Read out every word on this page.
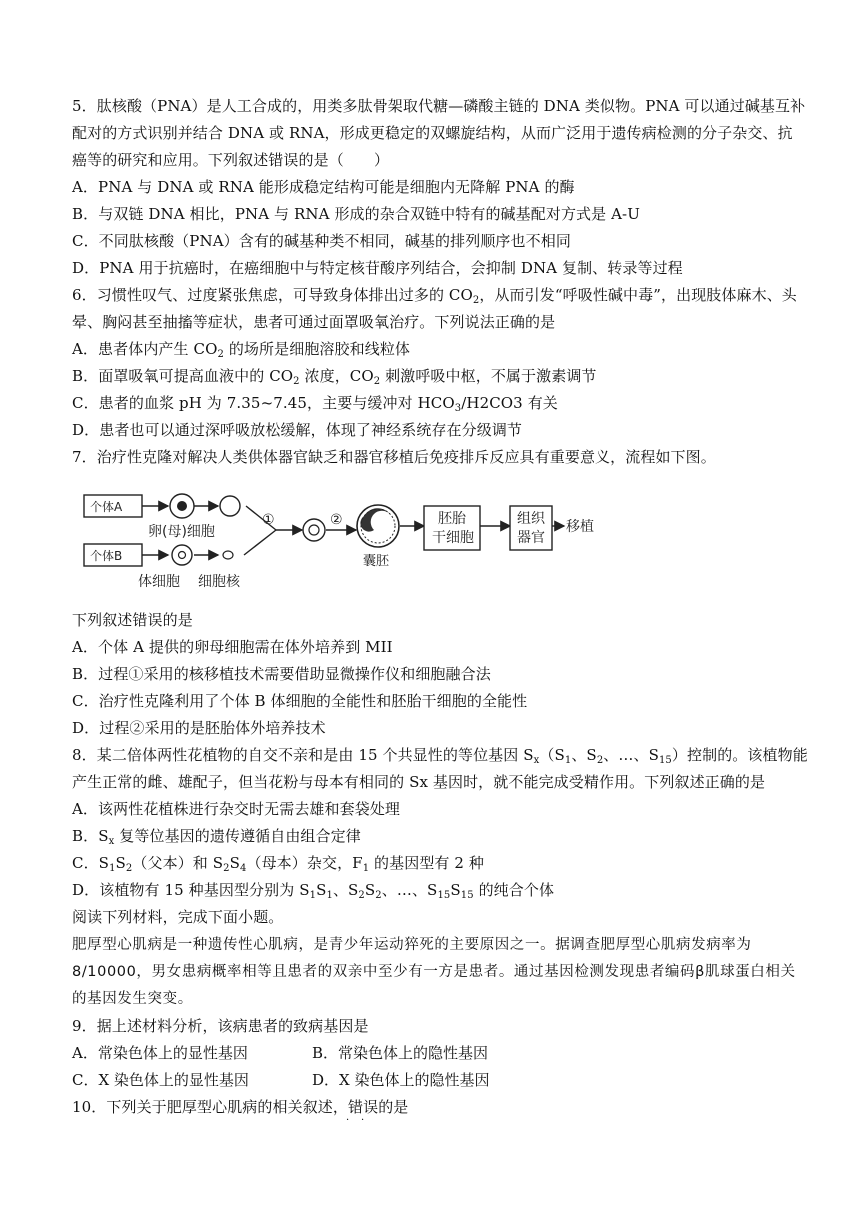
5．肽核酸（PNA）是人工合成的，用类多肽骨架取代糖—磷酸主链的 DNA 类似物。PNA 可以通过碱基互补
配对的方式识别并结合 DNA 或 RNA，形成更稳定的双螺旋结构，从而广泛用于遗传病检测的分子杂交、抗
癌等的研究和应用。下列叙述错误的是（　　）
A．PNA 与 DNA 或 RNA 能形成稳定结构可能是细胞内无降解 PNA 的酶
B．与双链 DNA 相比，PNA 与 RNA 形成的杂合双链中特有的碱基配对方式是 A-U
C．不同肽核酸（PNA）含有的碱基种类不相同，碱基的排列顺序也不相同
D．PNA 用于抗癌时，在癌细胞中与特定核苷酸序列结合，会抑制 DNA 复制、转录等过程
6．习惯性叹气、过度紧张焦虑，可导致身体排出过多的 $CO_2$，从而引发“呼吸性碱中毒”，出现肢体麻木、头
晕、胸闷甚至抽搐等症状，患者可通过面罩吸氧治疗。下列说法正确的是
A．患者体内产生 $CO_2$ 的场所是细胞溶胶和线粒体
B．面罩吸氧可提高血液中的 $CO_2$ 浓度，$CO_2$ 刺激呼吸中枢，不属于激素调节
C．患者的血浆 pH 为 7.35~7.45，主要与缓冲对 $HCO_3/H2CO3$ 有关
D．患者也可以通过深呼吸放松缓解，体现了神经系统存在分级调节
7．治疗性克隆对解决人类供体器官缺乏和器官移植后免疫排斥反应具有重要意义，流程如下图。
个体A
卵(母)细胞
个体B
体细胞 细胞核
①	②
囊胚
胚胎
干细胞
组织
器官
移植
下列叙述错误的是
A．个体 A 提供的卵母细胞需在体外培养到 MII
B．过程①采用的核移植技术需要借助显微操作仪和细胞融合法
C．治疗性克隆利用了个体 B 体细胞的全能性和胚胎干细胞的全能性
D．过程②采用的是胚胎体外培养技术
8．某二倍体两性花植物的自交不亲和是由 15 个共显性的等位基因 $S_x(S_1$、$S_2$、…、$S_{15}$）控制的。该植物能
产生正常的雌、雄配子，但当花粉与母本有相同的 Sx 基因时，就不能完成受精作用。下列叙述正确的是
A．该两性花植株进行杂交时无需去雄和套袋处理
B．$S_x$ 复等位基因的遗传遵循自由组合定律
C．$S_1S_2$（父本）和 $S_2S_4$（母本）杂交，$F_1$ 的基因型有 2 种
D．该植物有 15 种基因型分别为 $S_1S_1$、$S_2S_2$、…、$S_{15}S_{15}$ 的纯合个体
阅读下列材料，完成下面小题。
肥厚型心肌病是一种遗传性心肌病，是青少年运动猝死的主要原因之一。据调查肥厚型心肌病发病率为
8/10000，男女患病概率相等且患者的双亲中至少有一方是患者。通过基因检测发现患者编码β肌球蛋白相关
的基因发生突变。
9．据上述材料分析，该病患者的致病基因是
A．常染色体上的显性基因	B．常染色体上的隐性基因
C．X 染色体上的显性基因	D．X 染色体上的隐性基因
10．下列关于肥厚型心肌病的相关叙述，错误的是
· ·
